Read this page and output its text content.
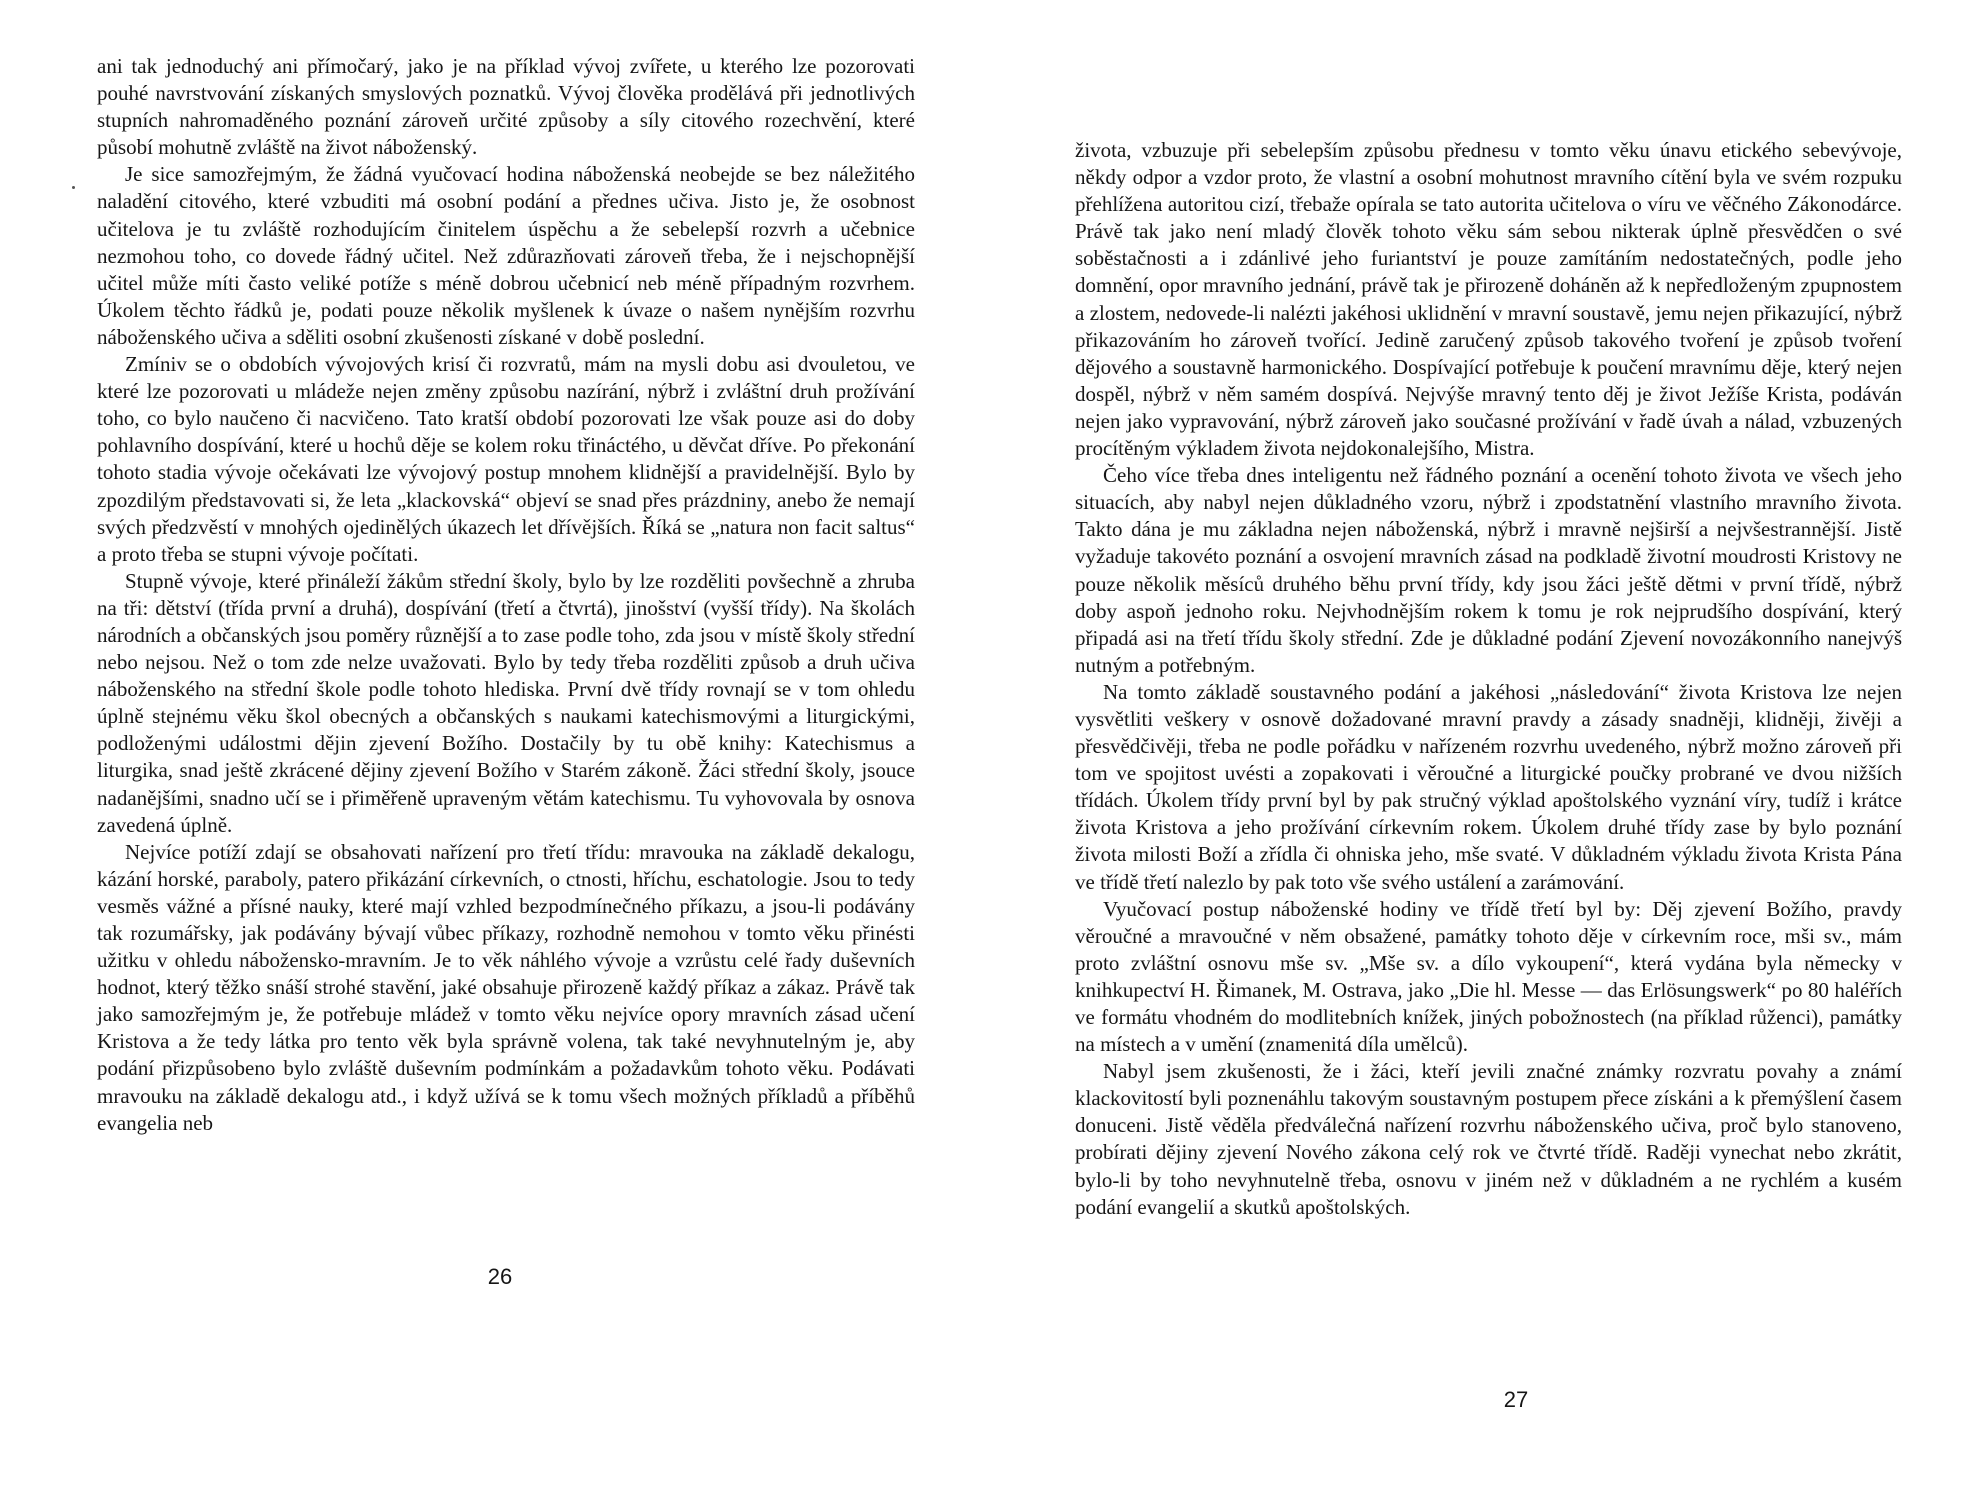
ani tak jednoduchý ani přímočarý, jako je na příklad vývoj zvířete, u kterého lze pozorovati pouhé navrstvování získaných smyslových poznatků. Vývoj člověka prodělává při jednotlivých stupních nahromaděného poznání zároveň určité způsoby a síly citového rozechvění, které působí mohutně zvláště na život náboženský.

Je sice samozřejmým, že žádná vyučovací hodina náboženská neobejde se bez náležitého naladění citového, které vzbuditi má osobní podání a přednes učiva. Jisto je, že osobnost učitelova je tu zvláště rozhodujícím činitelem úspěchu a že sebelepší rozvrh a učebnice nezmohou toho, co dovede řádný učitel. Než zdůrazňovati zároveň třeba, že i nejschopnější učitel může míti často veliké potíže s méně dobrou učebnicí neb méně případným rozvrhem. Úkolem těchto řádků je, podati pouze několik myšlenek k úvaze o našem nynějším rozvrhu náboženského učiva a sděliti osobní zkušenosti získané v době poslední.

Zmíniv se o obdobích vývojových krisí či rozvratů, mám na mysli dobu asi dvouletou, ve které lze pozorovati u mládeže nejen změny způsobu nazírání, nýbrž i zvláštní druh prožívání toho, co bylo naučeno či nacvičeno. Tato kratší období pozorovati lze však pouze asi do doby pohlavního dospívání, které u hochů děje se kolem roku třináctého, u děvčat dříve. Po překonání tohoto stadia vývoje očekávati lze vývojový postup mnohem klidnější a pravidelnější. Bylo by zpozdilým představovati si, že leta „klackovská“ objeví se snad přes prázdniny, anebo že nemají svých předzvěstí v mnohých ojedinělých úkazech let dřívějších. Říká se „natura non facit saltus“ a proto třeba se stupni vývoje počítati.

Stupně vývoje, které přináleží žákům střední školy, bylo by lze rozděliti povšechně a zhruba na tři: dětství (třída první a druhá), dospívání (třetí a čtvrtá), jinošství (vyšší třídy). Na školách národních a občanských jsou poměry různější a to zase podle toho, zda jsou v místě školy střední nebo nejsou. Než o tom zde nelze uvažovati. Bylo by tedy třeba rozděliti způsob a druh učiva náboženského na střední škole podle tohoto hlediska. První dvě třídy rovnají se v tom ohledu úplně stejnému věku škol obecných a občanských s naukami katechismovými a liturgickými, podloženými událostmi dějin zjevení Božího. Dostačily by tu obě knihy: Katechismus a liturgika, snad ještě zkrácené dějiny zjevení Božího v Starém zákoně. Žáci střední školy, jsouce nadanějšími, snadno učí se i přiměřeně upraveným větám katechismu. Tu vyhovovala by osnova zavedená úplně.

Nejvíce potíží zdají se obsahovati nařízení pro třetí třídu: mravouka na základě dekalogu, kázání horské, paraboly, patero přikázání církevních, o ctnosti, hříchu, eschatologie. Jsou to tedy vesměs vážné a přísné nauky, které mají vzhled bezpodmínečného příkazu, a jsou-li podávány tak rozumářsky, jak podávány bývají vůbec příkazy, rozhodně nemohou v tomto věku přinésti užitku v ohledu nábožensko-mravním. Je to věk náhlého vývoje a vzrůstu celé řady duševních hodnot, který těžko snáší strohé stavění, jaké obsahuje přirozeně každý příkaz a zákaz. Právě tak jako samozřejmým je, že potřebuje mládež v tomto věku nejvíce opory mravních zásad učení Kristova a že tedy látka pro tento věk byla správně volena, tak také nevyhnutelným je, aby podání přizpůsobeno bylo zvláště duševním podmínkám a požadavkům tohoto věku. Podávati mravouku na základě dekalogu atd., i když užívá se k tomu všech možných příkladů a příběhů evangelia neb

26

života, vzbuzuje při sebelepším způsobu přednesu v tomto věku únavu etického sebevývoje, někdy odpor a vzdor proto, že vlastní a osobní mohutnost mravního cítění byla ve svém rozpuku přehlížena autoritou cizí, třebaže opírala se tato autorita učitelova o víru ve věčného Zákonodárce. Právě tak jako není mladý člověk tohoto věku sám sebou nikterak úplně přesvědčen o své soběstačnosti a i zdánlivé jeho furiantství je pouze zamítáním nedostatečných, podle jeho domnění, opor mravního jednání, právě tak je přirozeně doháněn až k nepředloženým zpupnostem a zlostem, nedovede-li nalézti jakéhosi uklidnění v mravní soustavě, jemu nejen přikazující, nýbrž přikazováním ho zároveň tvořící. Jedině zaručený způsob takového tvoření je způsob tvoření dějového a soustavně harmonického. Dospívající potřebuje k poučení mravnímu děje, který nejen dospěl, nýbrž v něm samém dospívá. Nejvýše mravný tento děj je život Ježíše Krista, podáván nejen jako vypravování, nýbrž zároveň jako současné prožívání v řadě úvah a nálad, vzbuzených procítěným výkladem života nejdokonalejšího, Mistra.

Čeho více třeba dnes inteligentu než řádného poznání a ocenění tohoto života ve všech jeho situacích, aby nabyl nejen důkladného vzoru, nýbrž i zpodstatnění vlastního mravního života. Takto dána je mu základna nejen náboženská, nýbrž i mravně nejširší a nejvšestrannější. Jistě vyžaduje takovéto poznání a osvojení mravních zásad na podkladě životní moudrosti Kristovy ne pouze několik měsíců druhého běhu první třídy, kdy jsou žáci ještě dětmi v první třídě, nýbrž doby aspoň jednoho roku. Nejvhodnějším rokem k tomu je rok nejprudšího dospívání, který připadá asi na třetí třídu školy střední. Zde je důkladné podání Zjevení novozákonního nanejvýš nutným a potřebným.

Na tomto základě soustavného podání a jakéhosi „následování“ života Kristova lze nejen vysvětliti veškery v osnově dožadované mravní pravdy a zásady snadněji, klidněji, živěji a přesvědčivěji, třeba ne podle pořádku v nařízeném rozvrhu uvedeného, nýbrž možno zároveň při tom ve spojitost uvésti a zopakovati i věroučné a liturgické poučky probrané ve dvou nižších třídách. Úkolem třídy první byl by pak stručný výklad apoštolského vyznání víry, tudíž i krátce života Kristova a jeho prožívání církevním rokem. Úkolem druhé třídy zase by bylo poznání života milosti Boží a zřídla či ohniska jeho, mše svaté. V důkladném výkladu života Krista Pána ve třídě třetí nalezlo by pak toto vše svého ustálení a zarámování.

Vyučovací postup náboženské hodiny ve třídě třetí byl by: Děj zjevení Božího, pravdy věroučné a mravoučné v něm obsažené, památky tohoto děje v církevním roce, mši sv., mám proto zvláštní osnovu mše sv. „Mše sv. a dílo vykoupení“, která vydána byla německy v knihkupectví H. Řimanek, M. Ostrava, jako „Die hl. Messe — das Erlösungswerk“ po 80 haléřích ve formátu vhodném do modlitebních knížek, jiných pobožnostech (na příklad růženci), památky na místech a v umění (znamenitá díla umělců).

Nabyl jsem zkušenosti, že i žáci, kteří jevili značné známky rozvratu povahy a známí klackovitostí byli poznenáhlu takovým soustavným postupem přece získáni a k přemýšlení časem donuceni. Jistě věděla předválečná nařízení rozvrhu náboženského učiva, proč bylo stanoveno, probírati dějiny zjevení Nového zákona celý rok ve čtvrté třídě. Raději vynechat nebo zkrátit, bylo-li by toho nevyhnutelně třeba, osnovu v jiném než v důkladném a ne rychlém a kusém podání evangelií a skutků apoštolských.

27
